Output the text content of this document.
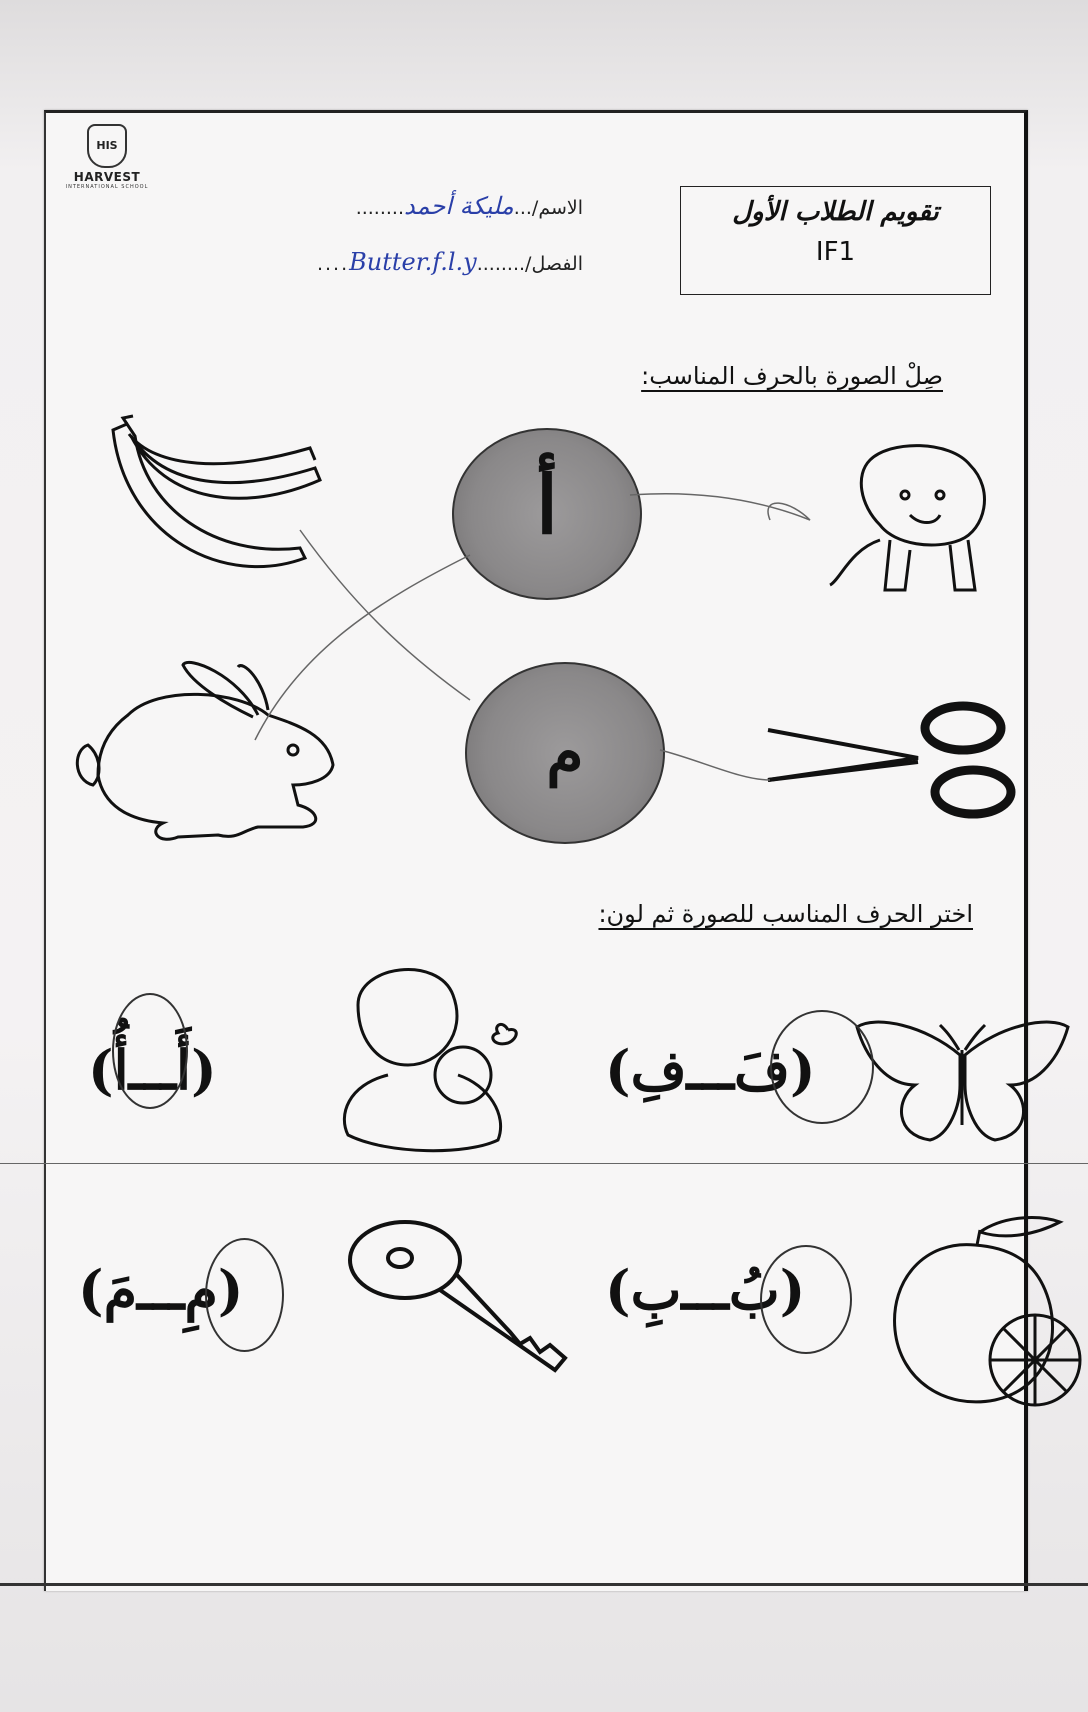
HIS
HARVEST
INTERNATIONAL SCHOOL
الاسم/...مليكة أحمد........
الفصل/........Butter.f.l.y....
تقويم الطلاب الأول
IF1
صِلْ الصورة بالحرف المناسب:
أ
م
اختر الحرف المناسب للصورة ثم لون:
(فَـــفِ)
(أَـــأُ)
(بُـــبِ)
(مِـــمَ)
